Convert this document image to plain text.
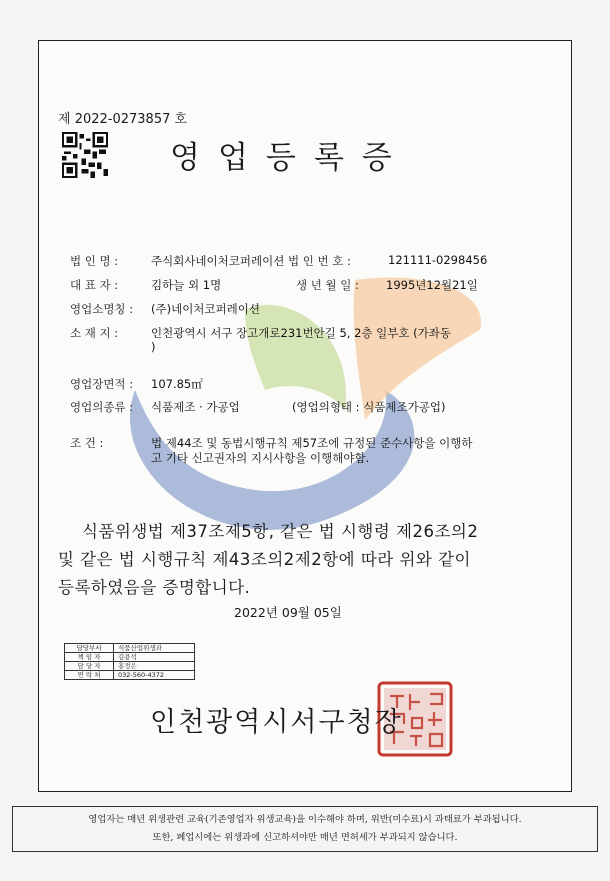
제 2022-0273857 호
영업등록증
법 인 명 :	주식회사네이처코퍼레이션 법 인 번 호 :	121111-0298456
대 표 자 :	김하늘 외 1명	생 년 월 일 : 1995년12월21일
영업소명칭 : (주)네이처코퍼레이션
소 재 지 :	인천광역시 서구 장고개로231번안길 5, 2층 일부호 (가좌동
)
영업장면적 : 107.85㎡
영업의종류 : 식품제조 · 가공업	(영업의형태 : 식품제조가공업)
조 건 :	법 제44조 및 동법시행규칙 제57조에 규정된 준수사항을 이행하
고 기타 신고권자의 지시사항을 이행해야함.
식품위생법 제37조제5항, 같은 법 시행령 제26조의2
및 같은 법 시행규칙 제43조의2제2항에 따라 위와 같이
등록하였음을 증명합니다.
2022년 09월 05일
담당부서	식품산업위생과
책 임 자	김용석
담 당 자	홍정은
연 락 처	032-560-4372
인천광역시서구청장
영업자는 매년 위생관련 교육(기존영업자 위생교육)을 이수해야 하며, 위반(미수료)시 과태료가 부과됩니다.
또한, 폐업시에는 위생과에 신고하셔야만 매년 면허세가 부과되지 않습니다.
